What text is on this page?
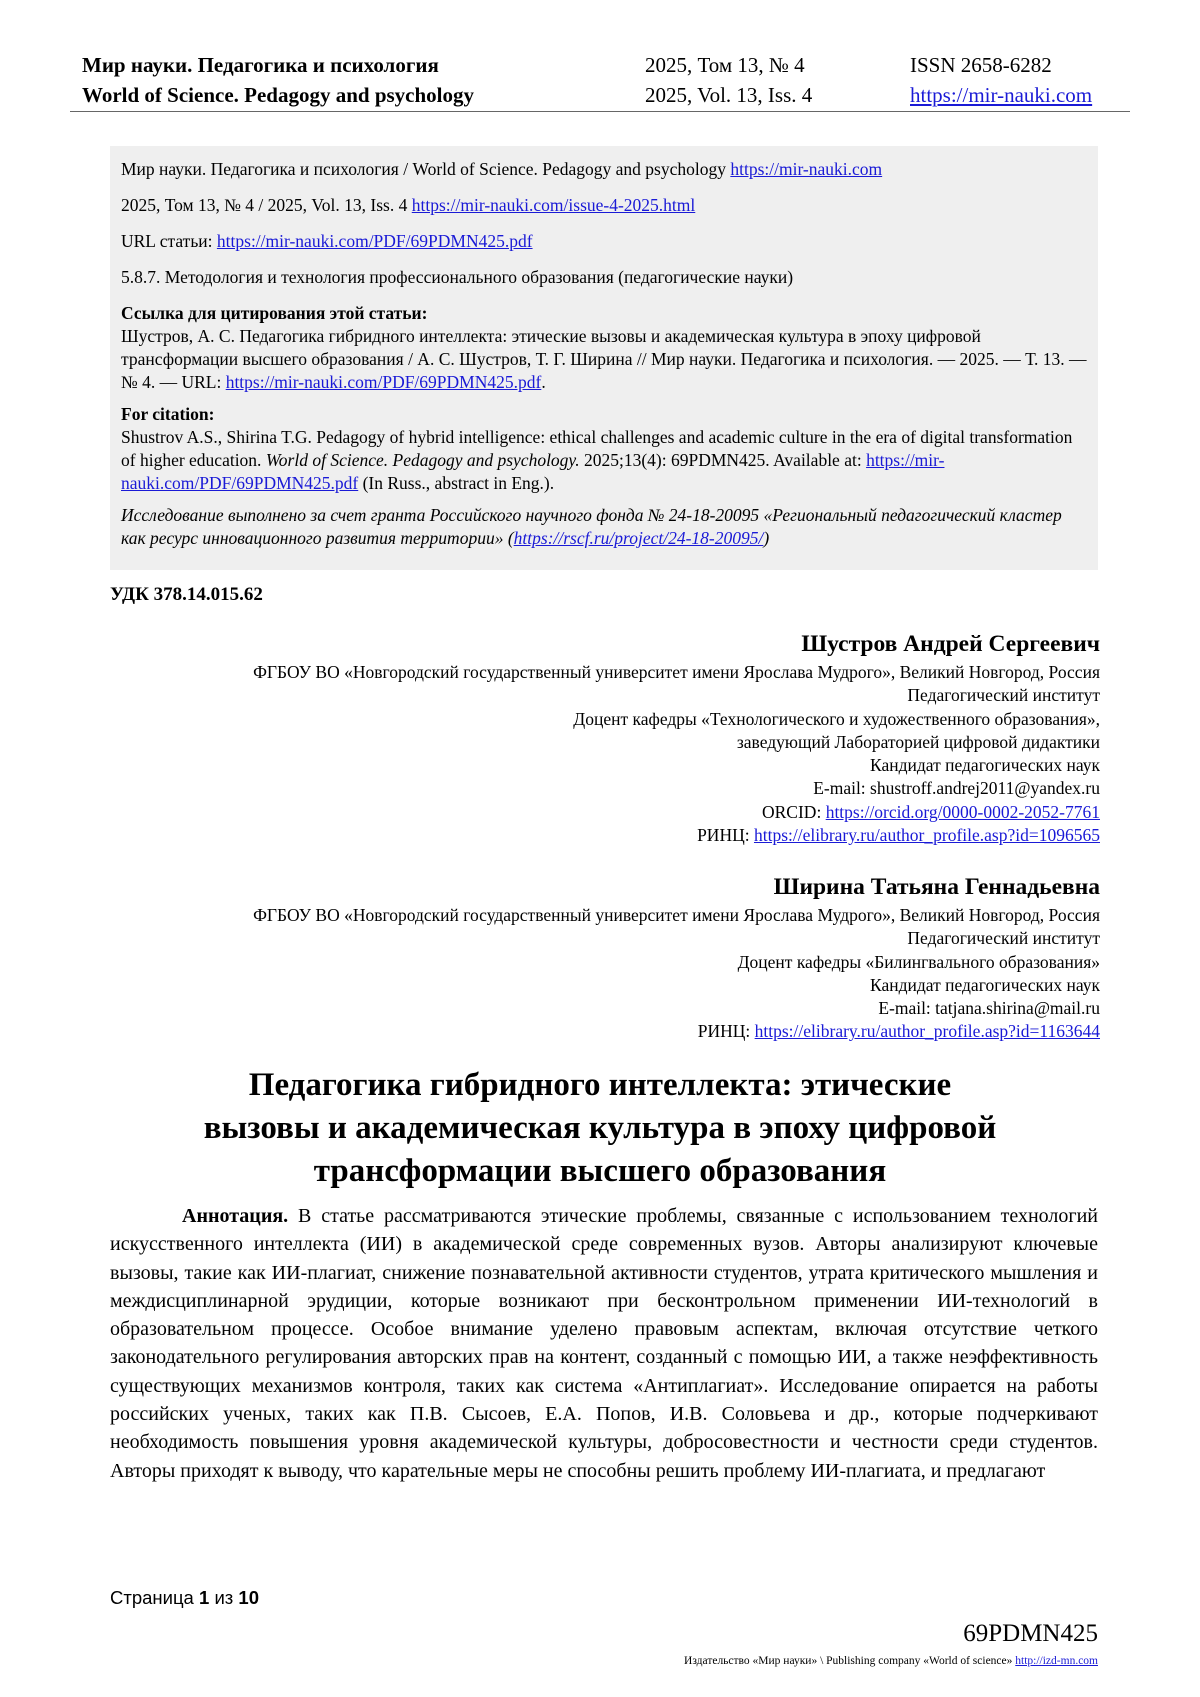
Мир науки. Педагогика и психология
World of Science. Pedagogy and psychology
2025, Том 13, № 4
2025, Vol. 13, Iss. 4
ISSN 2658-6282
https://mir-nauki.com

Мир науки. Педагогика и психология / World of Science. Pedagogy and psychology https://mir-nauki.com

2025, Том 13, № 4 / 2025, Vol. 13, Iss. 4 https://mir-nauki.com/issue-4-2025.html

URL статьи: https://mir-nauki.com/PDF/69PDMN425.pdf

5.8.7. Методология и технология профессионального образования (педагогические науки)

Ссылка для цитирования этой статьи:
Шустров, А. С. Педагогика гибридного интеллекта: этические вызовы и академическая культура в эпоху цифровой трансформации высшего образования / А. С. Шустров, Т. Г. Ширина // Мир науки. Педагогика и психология. — 2025. — Т. 13. — № 4. — URL: https://mir-nauki.com/PDF/69PDMN425.pdf.

For citation:
Shustrov A.S., Shirina T.G. Pedagogy of hybrid intelligence: ethical challenges and academic culture in the era of digital transformation of higher education. World of Science. Pedagogy and psychology. 2025;13(4): 69PDMN425. Available at: https://mir-nauki.com/PDF/69PDMN425.pdf (In Russ., abstract in Eng.).

Исследование выполнено за счет гранта Российского научного фонда № 24-18-20095 «Региональный педагогический кластер как ресурс инновационного развития территории» (https://rscf.ru/project/24-18-20095/)

УДК 378.14.015.62
Шустров Андрей Сергеевич
ФГБОУ ВО «Новгородский государственный университет имени Ярослава Мудрого», Великий Новгород, Россия
Педагогический институт
Доцент кафедры «Технологического и художественного образования»,
заведующий Лабораторией цифровой дидактики
Кандидат педагогических наук
E-mail: shustroff.andrej2011@yandex.ru
ORCID: https://orcid.org/0000-0002-2052-7761
РИНЦ: https://elibrary.ru/author_profile.asp?id=1096565
Ширина Татьяна Геннадьевна
ФГБОУ ВО «Новгородский государственный университет имени Ярослава Мудрого», Великий Новгород, Россия
Педагогический институт
Доцент кафедры «Билингвального образования»
Кандидат педагогических наук
E-mail: tatjana.shirina@mail.ru
РИНЦ: https://elibrary.ru/author_profile.asp?id=1163644
Педагогика гибридного интеллекта: этические
вызовы и академическая культура в эпоху цифровой
трансформации высшего образования
Аннотация. В статье рассматриваются этические проблемы, связанные с использованием технологий искусственного интеллекта (ИИ) в академической среде современных вузов. Авторы анализируют ключевые вызовы, такие как ИИ-плагиат, снижение познавательной активности студентов, утрата критического мышления и междисциплинарной эрудиции, которые возникают при бесконтрольном применении ИИ-технологий в образовательном процессе. Особое внимание уделено правовым аспектам, включая отсутствие четкого законодательного регулирования авторских прав на контент, созданный с помощью ИИ, а также неэффективность существующих механизмов контроля, таких как система «Антиплагиат». Исследование опирается на работы российских ученых, таких как П.В. Сысоев, Е.А. Попов, И.В. Соловьева и др., которые подчеркивают необходимость повышения уровня академической культуры, добросовестности и честности среди студентов. Авторы приходят к выводу, что карательные меры не способны решить проблему ИИ-плагиата, и предлагают
Страница 1 из 10
69PDMN425
Издательство «Мир науки» \ Publishing company «World of science» http://izd-mn.com
